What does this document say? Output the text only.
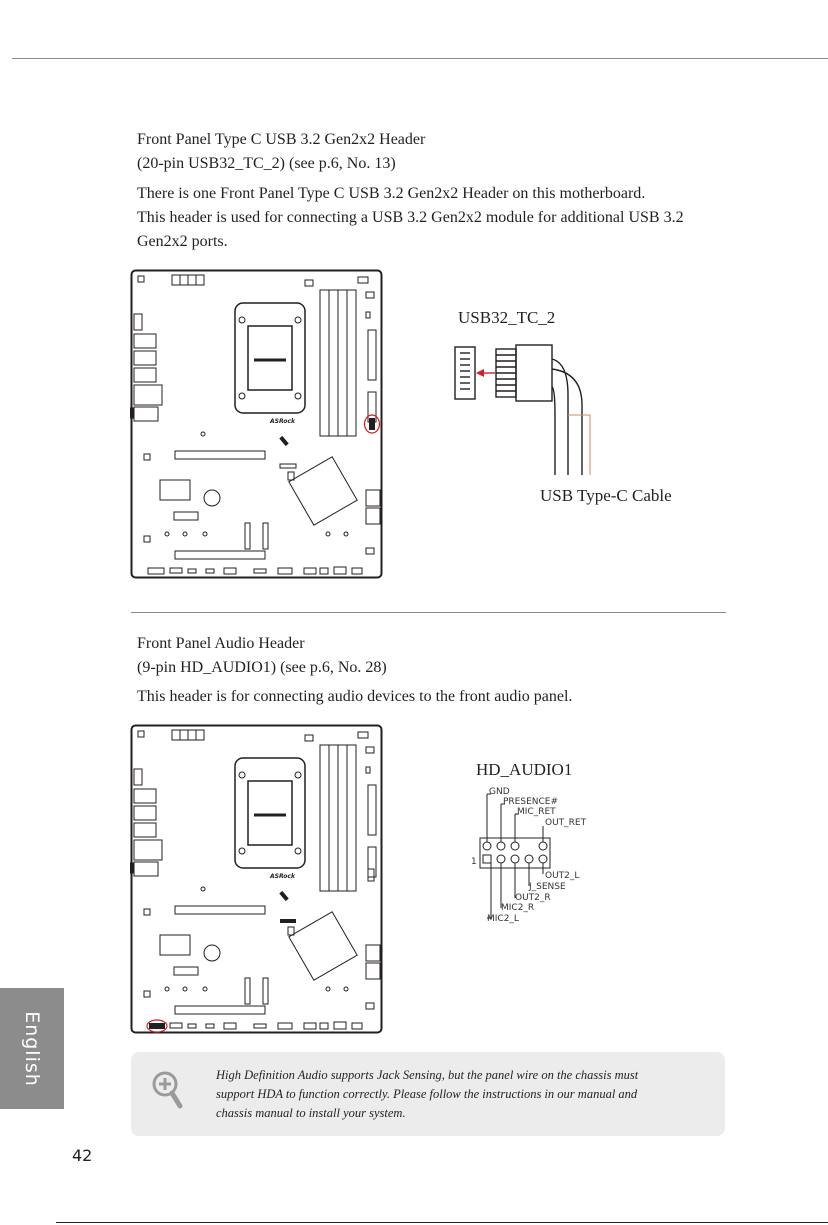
Front Panel Type C USB 3.2 Gen2x2 Header
(20-pin USB32_TC_2) (see p.6, No. 13)
There is one Front Panel Type C USB 3.2 Gen2x2 Header on this motherboard.
This header is used for connecting a USB 3.2 Gen2x2 module for additional USB 3.2
Gen2x2 ports.
ASRock
USB32_TC_2
USB Type-C Cable
Front Panel Audio Header
(9-pin HD_AUDIO1) (see p.6, No. 28)
This header is for connecting audio devices to the front audio panel.
ASRock
HD_AUDIO1
GND
PRESENCE#
MIC_RET
OUT_RET
1
OUT2_L
J_SENSE
OUT2_R
MIC2_R
MIC2_L
English	High Definition Audio supports Jack Sensing, but the panel wire on the chassis must
support HDA to function correctly. Please follow the instructions in our manual and
chassis manual to install your system.
42
